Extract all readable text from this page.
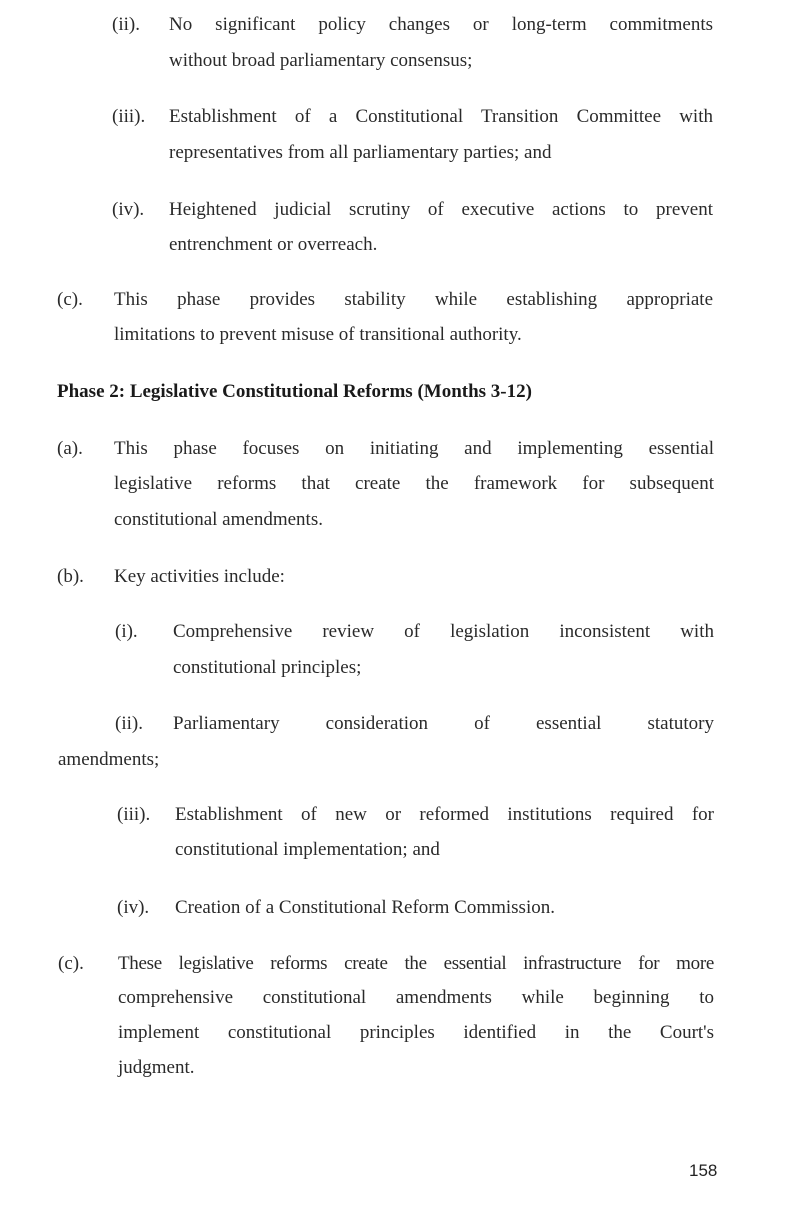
(ii). No significant policy changes or long-term commitments
without broad parliamentary consensus;
(iii). Establishment of a Constitutional Transition Committee with
representatives from all parliamentary parties; and
(iv). Heightened judicial scrutiny of executive actions to prevent
entrenchment or overreach.
(c). This phase provides stability while establishing appropriate
limitations to prevent misuse of transitional authority.
Phase 2: Legislative Constitutional Reforms (Months 3-12)
(a). This phase focuses on initiating and implementing essential
legislative reforms that create the framework for subsequent
constitutional amendments.
(b). Key activities include:
(i). Comprehensive review of legislation inconsistent with
constitutional principles;
(ii). Parliamentary consideration of essential statutory
amendments;
(iii). Establishment of new or reformed institutions required for
constitutional implementation; and
(iv). Creation of a Constitutional Reform Commission.
(c). These legislative reforms create the essential infrastructure for more
comprehensive constitutional amendments while beginning to
implement constitutional principles identified in the Court's
judgment.
158
